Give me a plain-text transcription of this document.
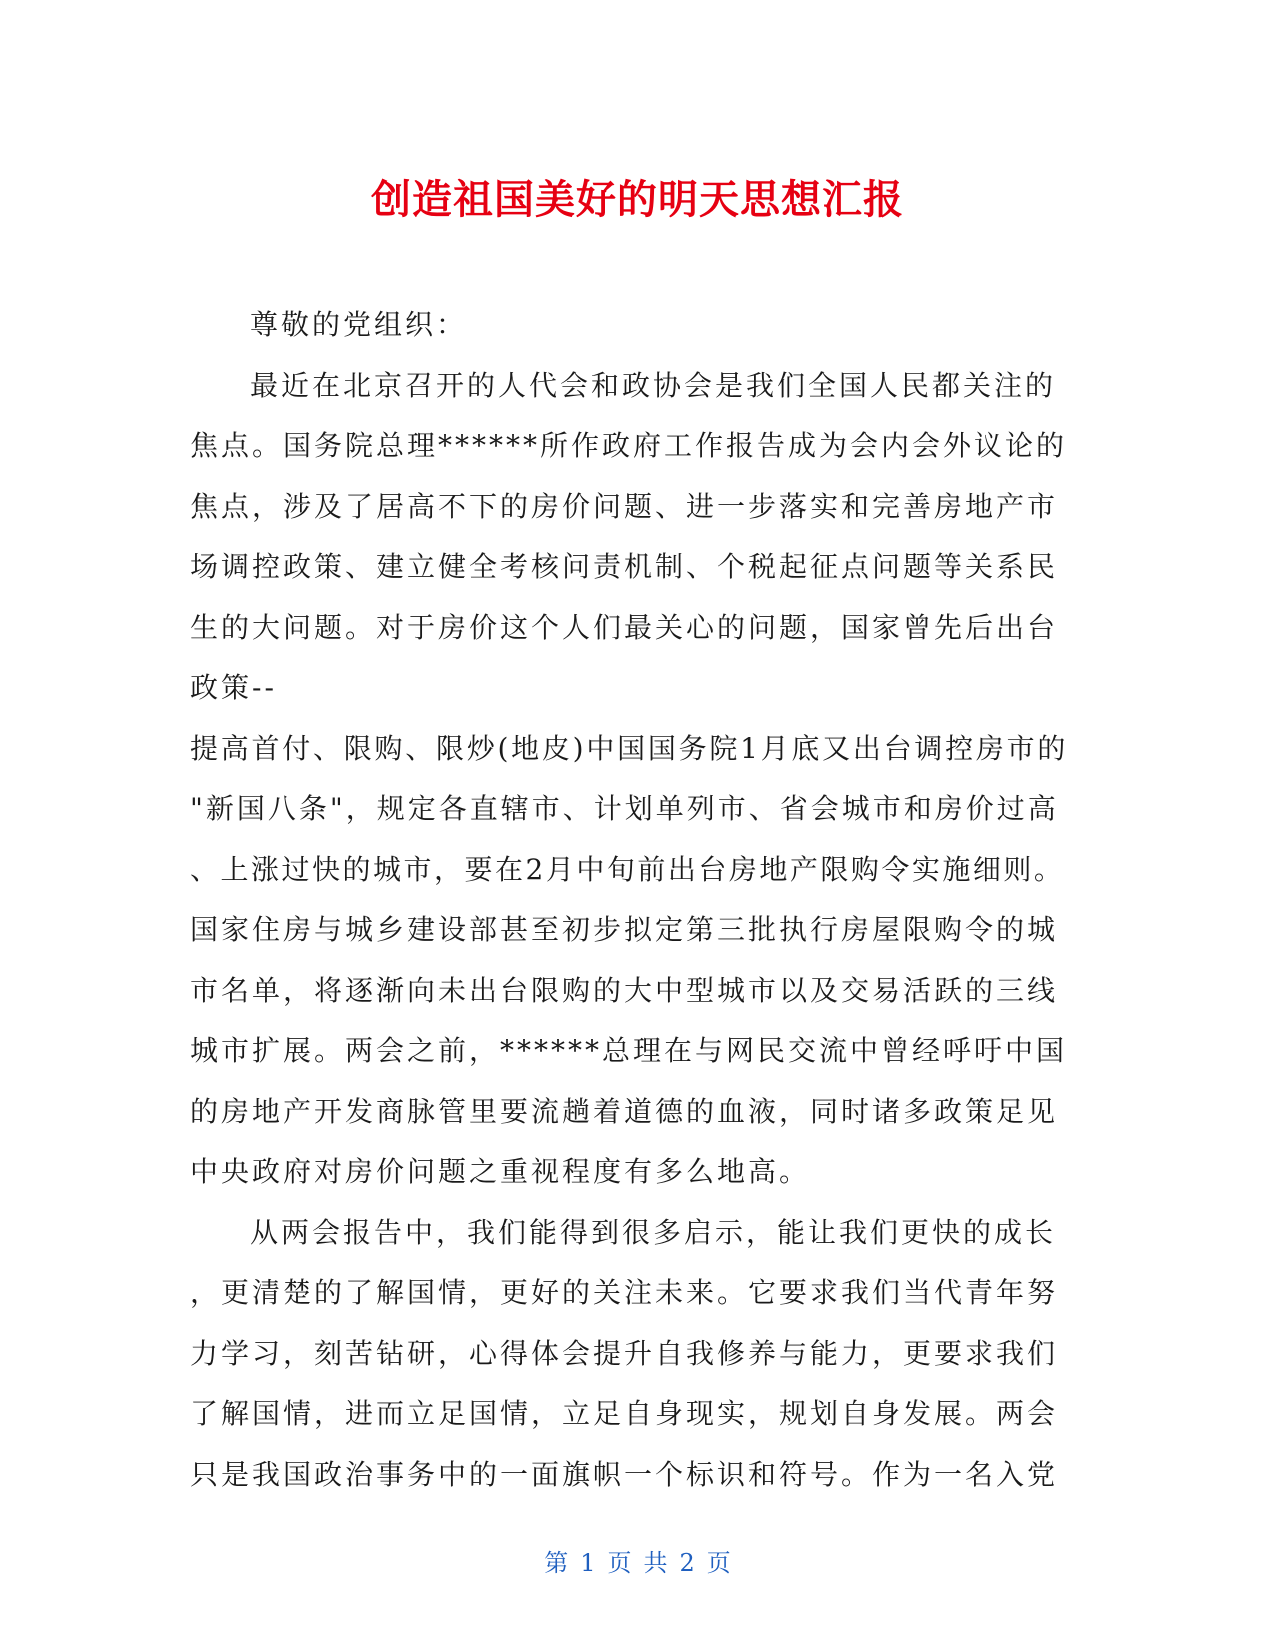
创造祖国美好的明天思想汇报
尊敬的党组织：
最近在北京召开的人代会和政协会是我们全国人民都关注的
焦点。国务院总理******所作政府工作报告成为会内会外议论的
焦点，涉及了居高不下的房价问题、进一步落实和完善房地产市
场调控政策、建立健全考核问责机制、个税起征点问题等关系民
生的大问题。对于房价这个人们最关心的问题，国家曾先后出台
政策--
提高首付、限购、限炒(地皮)中国国务院1月底又出台调控房市的
"新国八条"，规定各直辖市、计划单列市、省会城市和房价过高
、上涨过快的城市，要在2月中旬前出台房地产限购令实施细则。
国家住房与城乡建设部甚至初步拟定第三批执行房屋限购令的城
市名单，将逐渐向未出台限购的大中型城市以及交易活跃的三线
城市扩展。两会之前，******总理在与网民交流中曾经呼吁中国
的房地产开发商脉管里要流趟着道德的血液，同时诸多政策足见
中央政府对房价问题之重视程度有多么地高。
从两会报告中，我们能得到很多启示，能让我们更快的成长
，更清楚的了解国情，更好的关注未来。它要求我们当代青年努
力学习，刻苦钻研，心得体会提升自我修养与能力，更要求我们
了解国情，进而立足国情，立足自身现实，规划自身发展。两会
只是我国政治事务中的一面旗帜一个标识和符号。作为一名入党
第 1 页 共 2 页
